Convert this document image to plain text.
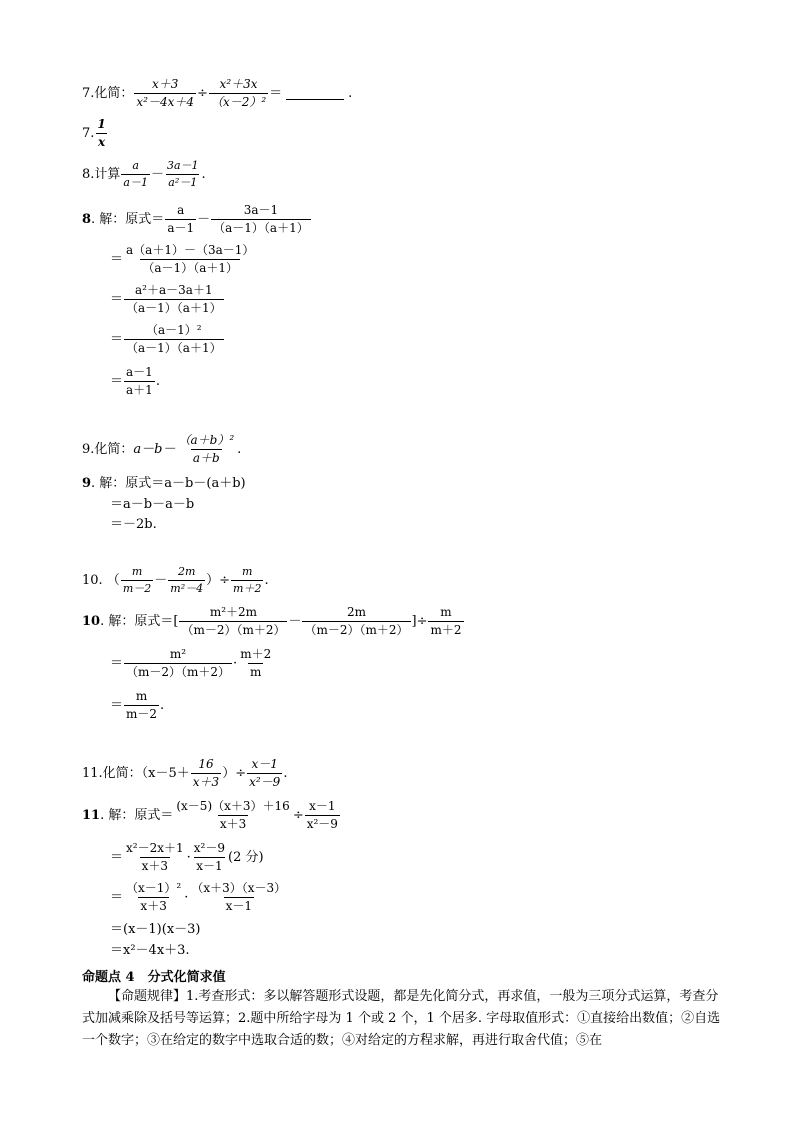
7.化简： $\frac{x+3}{\text{x²－4x＋4}} \div \frac{\text{x²＋3x}}{\text{（x－2）²}}$ ＝	.
7.
1
x
8.计算
a
a－1
－
3a－1
a²－1
.
8 . 解：原式＝
a
a－1
－
3a－1
（a－1）（a＋1）
＝
a（a＋1）－（3a－1）
（a－1）（a＋1）
＝
a²＋a－3a＋1
（a－1）（a＋1）
＝
（a－1）²
（a－1）（a＋1）
＝
a－1
a＋1
.
9.化简： a－b－
（a＋b）²
a＋b
.
9 . 解：原式＝a－b－(a＋b)
＝a－b－a－b
＝－2b.
10. （
m
m－2
－
2m
m²－4
）÷ $\frac{m}{m+2}$ .
10 . 解：原式＝[
m²＋2m
（m－2）（m＋2）
－
2m
（m－2）（m＋2）
]÷ $\frac{m}{m+2}$
＝
m²
（m－2）（m＋2）
·
m＋2
m
＝
m
m－2
.
11.化简：（x－5＋
16
x＋3
）÷ $\frac{x-1}{\text{x²－9}}$ .
11 . 解：原式＝ $\frac{(x-5)(x+3)+16}{x+3} \div \frac{x-1}{\text{x²－9}}$
＝
x²－2x＋1
x＋3
·
x²－9
x－1
(2 分)
＝
（x－1）²
x＋3
·
（x＋3）（x－3）
x－1
＝(x－1)(x－3)
＝x²－4x＋3.
命题点 4　分式化简求值
【命题规律】1.考查形式：多以解答题形式设题，都是先化简分式，再求值，一般为三项分式运算，考查分式加减乘除及括号等运算；2.题中所给字母为 1 个或 2 个，1 个居多. 字母取值形式：①直接给出数值；②自选一个数字；③在给定的数字中选取合适的数；④对给定的方程求解，再进行取舍代值；⑤在
